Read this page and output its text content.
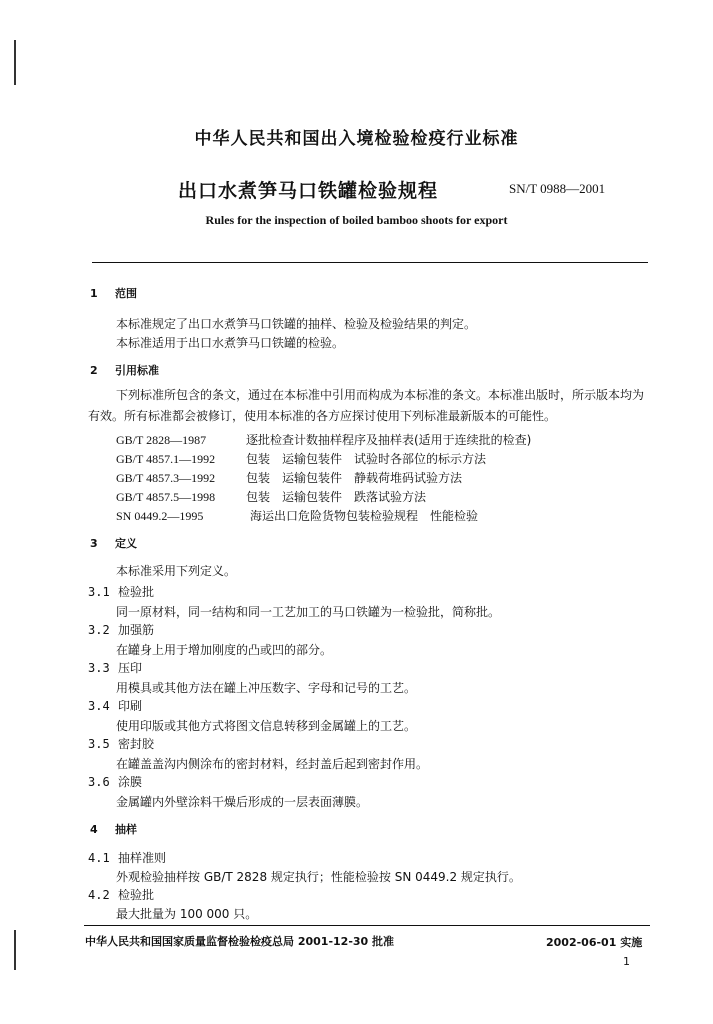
中华人民共和国出入境检验检疫行业标准
出口水煮笋马口铁罐检验规程	SN/T 0988—2001
Rules for the inspection of boiled bamboo shoots for export
1 范围
本标准规定了出口水煮笋马口铁罐的抽样、检验及检验结果的判定。
本标准适用于出口水煮笋马口铁罐的检验。
2 引用标准
下列标准所包含的条文，通过在本标准中引用而构成为本标准的条文。本标准出版时，所示版本均为有效。所有标准都会被修订，使用本标准的各方应探讨使用下列标准最新版本的可能性。
GB/T 2828—1987	逐批检查计数抽样程序及抽样表(适用于连续批的检查)
GB/T 4857.1—1992	包装　运输包装件　试验时各部位的标示方法
GB/T 4857.3—1992	包装　运输包装件　静载荷堆码试验方法
GB/T 4857.5—1998	包装　运输包装件　跌落试验方法
SN 0449.2—1995	海运出口危险货物包装检验规程　性能检验
3 定义
本标准采用下列定义。
3.1 检验批
同一原材料，同一结构和同一工艺加工的马口铁罐为一检验批，简称批。
3.2 加强筋
在罐身上用于增加刚度的凸或凹的部分。
3.3 压印
用模具或其他方法在罐上冲压数字、字母和记号的工艺。
3.4 印刷
使用印版或其他方式将图文信息转移到金属罐上的工艺。
3.5 密封胶
在罐盖盖沟内侧涂布的密封材料，经封盖后起到密封作用。
3.6 涂膜
金属罐内外壁涂料干燥后形成的一层表面薄膜。
4 抽样
4.1 抽样准则
外观检验抽样按 GB/T 2828 规定执行；性能检验按 SN 0449.2 规定执行。
4.2 检验批
最大批量为 100 000 只。
中华人民共和国国家质量监督检验检疫总局 2001-12-30 批准	2002-06-01 实施
1
